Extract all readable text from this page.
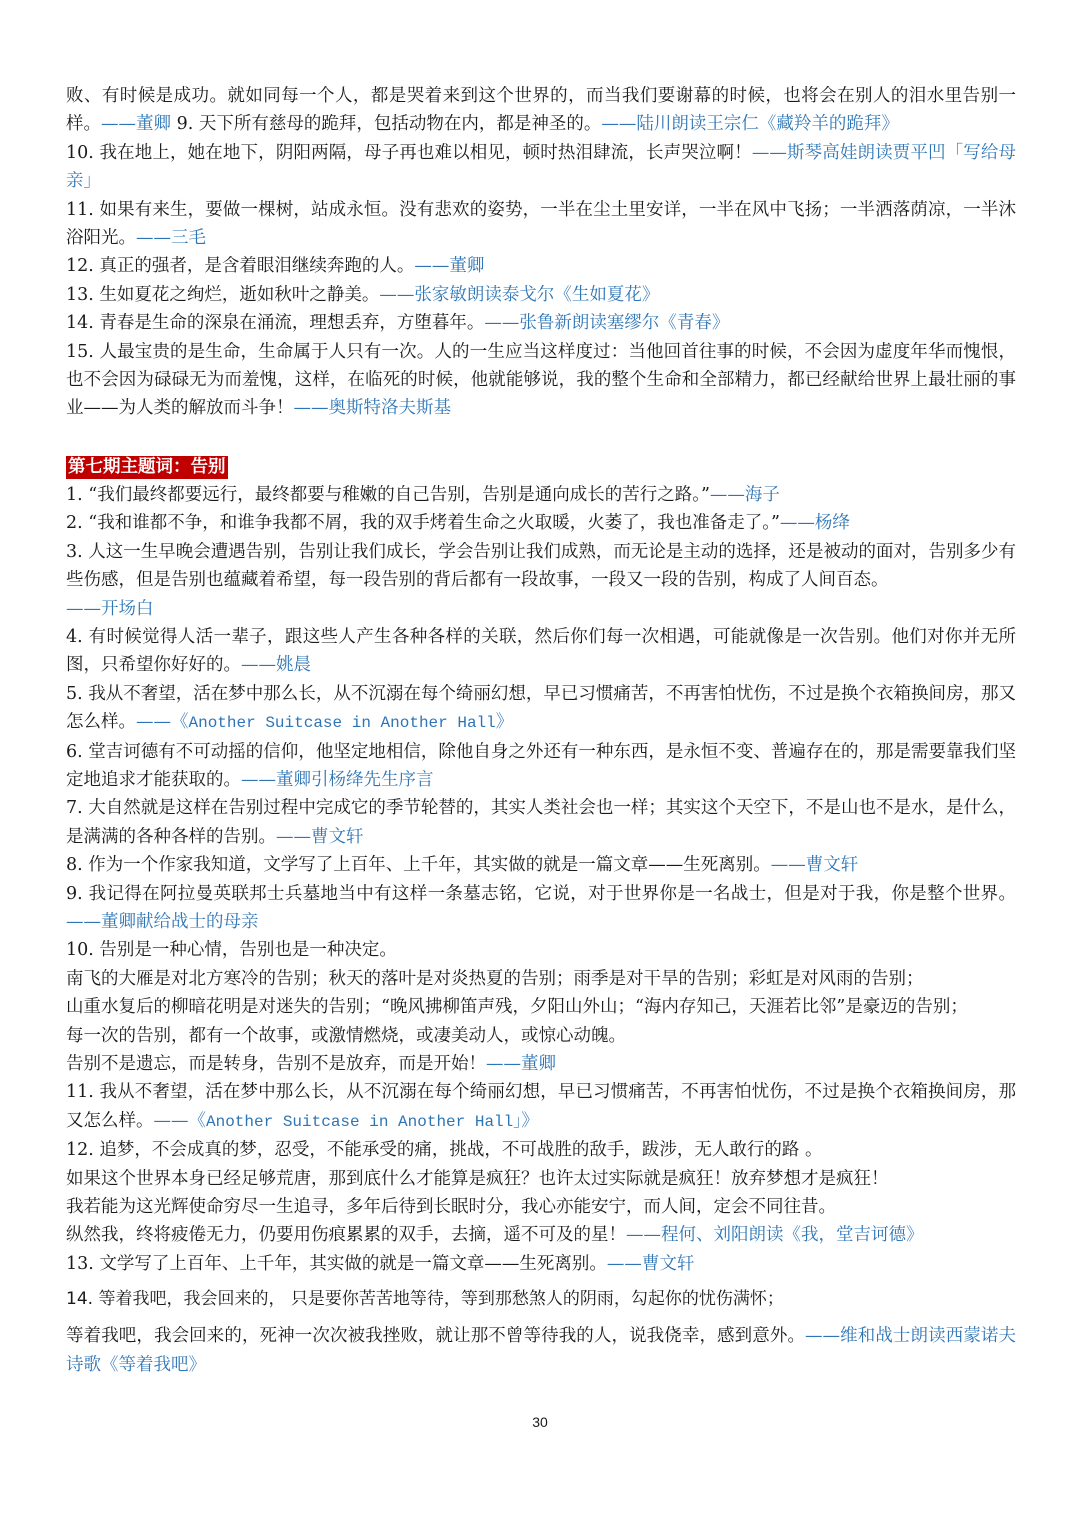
败、有时候是成功。就如同每一个人，都是哭着来到这个世界的，而当我们要谢幕的时候，也将会在别人的泪水里告别一样。——董卿 9. 天下所有慈母的跪拜，包括动物在内，都是神圣的。——陆川朗读王宗仁《藏羚羊的跪拜》

10. 我在地上，她在地下，阴阳两隔，母子再也难以相见，顿时热泪肆流，长声哭泣啊！——斯琴高娃朗读贾平凹「写给母亲」

11. 如果有来生，要做一棵树，站成永恒。没有悲欢的姿势，一半在尘土里安详，一半在风中飞扬；一半洒落荫凉，一半沐浴阳光。——三毛

12. 真正的强者，是含着眼泪继续奔跑的人。——董卿

13. 生如夏花之绚烂，逝如秋叶之静美。——张家敏朗读泰戈尔《生如夏花》

14. 青春是生命的深泉在涌流，理想丢弃，方堕暮年。——张鲁新朗读塞缪尔《青春》

15. 人最宝贵的是生命，生命属于人只有一次。人的一生应当这样度过：当他回首往事的时候，不会因为虚度年华而愧恨，也不会因为碌碌无为而羞愧，这样，在临死的时候，他就能够说，我的整个生命和全部精力，都已经献给世界上最壮丽的事业——为人类的解放而斗争！——奥斯特洛夫斯基

第七期主题词：告别

1. “我们最终都要远行，最终都要与稚嫩的自己告别，告别是通向成长的苦行之路。”——海子

2. “我和谁都不争，和谁争我都不屑，我的双手烤着生命之火取暖，火萎了，我也准备走了。”——杨绛

3. 人这一生早晚会遭遇告别，告别让我们成长，学会告别让我们成熟，而无论是主动的选择，还是被动的面对，告别多少有些伤感，但是告别也蕴藏着希望，每一段告别的背后都有一段故事，一段又一段的告别，构成了人间百态。
——开场白

4. 有时候觉得人活一辈子，跟这些人产生各种各样的关联，然后你们每一次相遇，可能就像是一次告别。他们对你并无所图，只希望你好好的。——姚晨

5. 我从不奢望，活在梦中那么长，从不沉溺在每个绮丽幻想，早已习惯痛苦，不再害怕忧伤，不过是换个衣箱换间房，那又怎么样。——《Another Suitcase in Another Hall》

6. 堂吉诃德有不可动摇的信仰，他坚定地相信，除他自身之外还有一种东西，是永恒不变、普遍存在的，那是需要靠我们坚定地追求才能获取的。——董卿引杨绛先生序言

7. 大自然就是这样在告别过程中完成它的季节轮替的，其实人类社会也一样；其实这个天空下，不是山也不是水，是什么，是满满的各种各样的告别。——曹文轩

8. 作为一个作家我知道，文学写了上百年、上千年，其实做的就是一篇文章——生死离别。——曹文轩

9. 我记得在阿拉曼英联邦士兵墓地当中有这样一条墓志铭，它说，对于世界你是一名战士，但是对于我，你是整个世界。——董卿献给战士的母亲

10. 告别是一种心情，告别也是一种决定。

南飞的大雁是对北方寒冷的告别；秋天的落叶是对炎热夏的告别；雨季是对干旱的告别；彩虹是对风雨的告别；

山重水复后的柳暗花明是对迷失的告别；“晚风拂柳笛声残，夕阳山外山；“海内存知己，天涯若比邻”是豪迈的告别；

每一次的告别，都有一个故事，或激情燃烧，或凄美动人，或惊心动魄。

告别不是遗忘，而是转身，告别不是放弃，而是开始！——董卿

11. 我从不奢望，活在梦中那么长，从不沉溺在每个绮丽幻想，早已习惯痛苦，不再害怕忧伤，不过是换个衣箱换间房，那又怎么样。——《Another Suitcase in Another Hall」》

12. 追梦，不会成真的梦，忍受，不能承受的痛，挑战，不可战胜的敌手，跋涉，无人敢行的路 。

如果这个世界本身已经足够荒唐，那到底什么才能算是疯狂？也许太过实际就是疯狂！放弃梦想才是疯狂！

我若能为这光辉使命穷尽一生追寻，多年后待到长眠时分，我心亦能安宁，而人间，定会不同往昔。

纵然我，终将疲倦无力，仍要用伤痕累累的双手，去摘，遥不可及的星！——程何、刘阳朗读《我，堂吉诃德》

13. 文学写了上百年、上千年，其实做的就是一篇文章——生死离别。——曹文轩

14. 等着我吧，我会回来的， 只是要你苦苦地等待，等到那愁煞人的阴雨，勾起你的忧伤满怀；

等着我吧，我会回来的，死神一次次被我挫败，就让那不曾等待我的人，说我侥幸，感到意外。——维和战士朗读西蒙诺夫诗歌《等着我吧》

30
